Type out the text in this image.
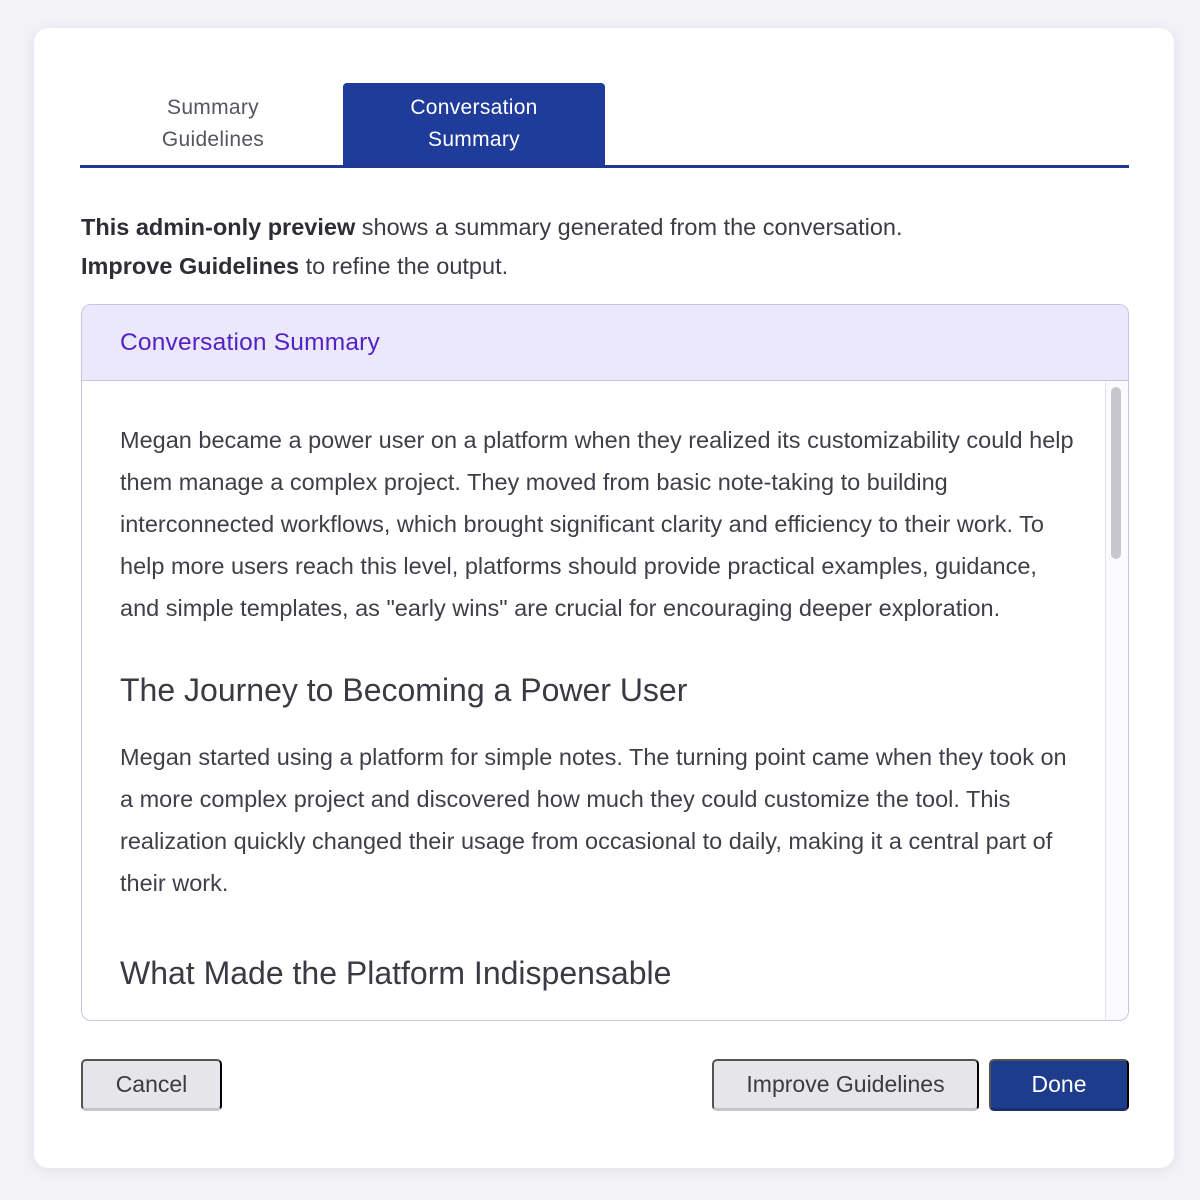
Summary
Guidelines
Conversation
Summary
This admin-only preview shows a summary generated from the conversation.
Improve Guidelines to refine the output.
Conversation Summary

Megan became a power user on a platform when they realized its customizability could help them manage a complex project. They moved from basic note-taking to building interconnected workflows, which brought significant clarity and efficiency to their work. To help more users reach this level, platforms should provide practical examples, guidance, and simple templates, as "early wins" are crucial for encouraging deeper exploration.

The Journey to Becoming a Power User

Megan started using a platform for simple notes. The turning point came when they took on a more complex project and discovered how much they could customize the tool. This realization quickly changed their usage from occasional to daily, making it a central part of their work.

What Made the Platform Indispensable
Cancel	Improve Guidelines	Done
